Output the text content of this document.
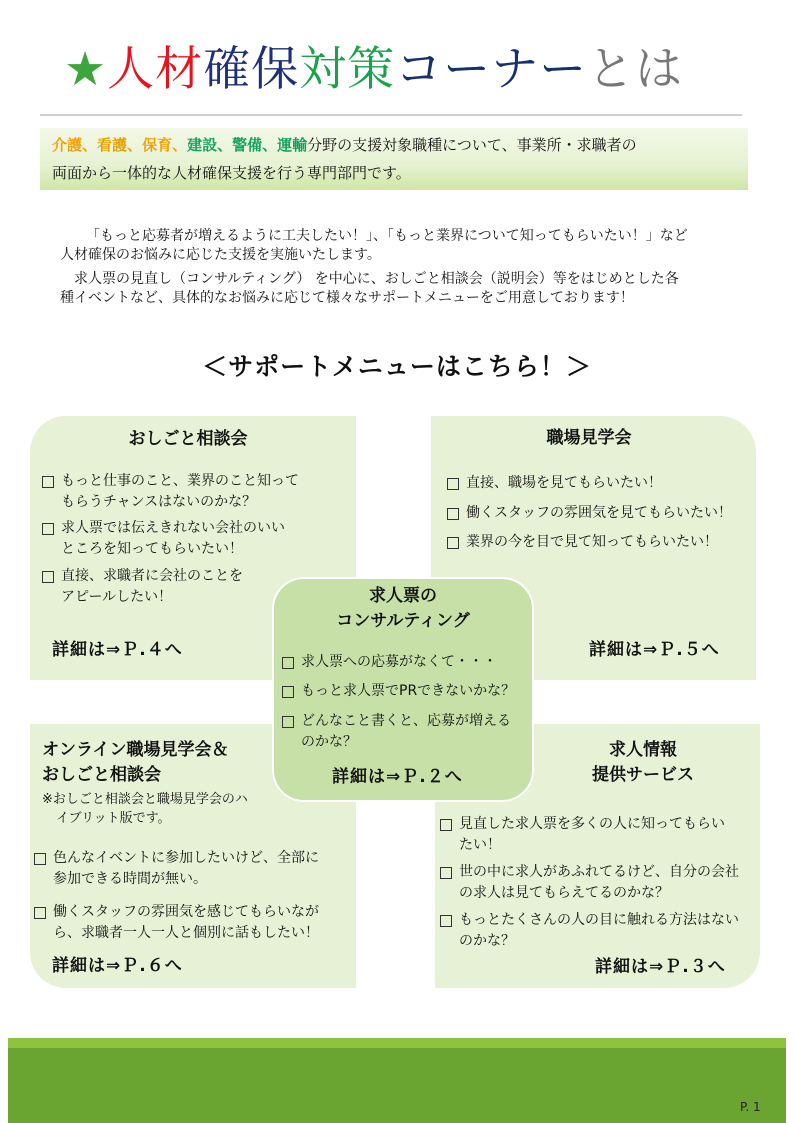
★人材確保対策コーナーとは
介護、看護、保育、建設、警備、運輸分野の支援対象職種について、事業所・求職者の
両面から一体的な人材確保支援を行う専門部門です。
「もっと応募者が増えるように工夫したい！」、「もっと業界について知ってもらいたい！」など
人材確保のお悩みに応じた支援を実施いたします。
求人票の見直し（コンサルティング） を中心に、おしごと相談会（説明会）等をはじめとした各
種イベントなど、具体的なお悩みに応じて様々なサポートメニューをご用意しております！
＜サポートメニューはこちら！＞
おしごと相談会
もっと仕事のこと、業界のこと知って
もらうチャンスはないのかな？
求人票では伝えきれない会社のいい
ところを知ってもらいたい！
直接、求職者に会社のことを
アピールしたい！
詳細は⇒Ｐ.４へ
職場見学会
直接、職場を見てもらいたい！
働くスタッフの雰囲気を見てもらいたい！
業界の今を目で見て知ってもらいたい！
詳細は⇒Ｐ.５へ
オンライン職場見学会＆
おしごと相談会
※おしごと相談会と職場見学会のハ
イブリット版です。
色んなイベントに参加したいけど、全部に
参加できる時間が無い。
働くスタッフの雰囲気を感じてもらいなが
ら、求職者一人一人と個別に話もしたい！
詳細は⇒Ｐ.６へ
求人情報
提供サービス
見直した求人票を多くの人に知ってもらい
たい！
世の中に求人があふれてるけど、自分の会社
の求人は見てもらえてるのかな？
もっとたくさんの人の目に触れる方法はない
のかな？
詳細は⇒Ｐ.３へ
求人票の
コンサルティング
求人票への応募がなくて・・・
もっと求人票でPRできないかな？
どんなこと書くと、応募が増える
のかな？
詳細は⇒Ｐ.２へ
P. 1
